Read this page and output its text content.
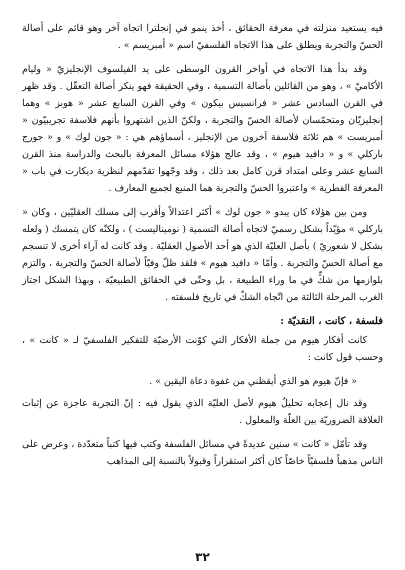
فيه يستعيد منزلته في معرفة الحقائق ، أخذ ينمو في إنجلترا اتجاه آخر وهو قائم على أصالة الحسّ والتجربة ويطلق على هذا الاتجاه الفلسفيّ اسم « أمبريسم » .

وقد بدأ هذا الاتجاه في أواخر القرون الوسطى على يد الفيلسوف الإنجليزيّ « وليام الأكاميّ » ، وهو من القائلين بأصالة التسمية ، وفي الحقيقة فهو ينكر أصالة التعقّل . وقد ظهر في القرن السادس عشر « فرانسيس بيكون » وفي القرن السابع عشر « هوبز » وهما إنجليزيّان ومتحمّسان لأصالة الحسّ والتجربة ، ولكنّ الذين اشتهروا بأنهم فلاسفة تجريبيّون « أمبريست » هم ثلاثة فلاسفة آخرون من الإنجليز ، أسماؤهم هي : « جون لوك » و « جورج باركلي » و « دافيد هيوم » ، وقد عالج هؤلاء مسائل المعرفة بالبحث والدراسة منذ القرن السابع عشر وعلى امتداد قرن كامل بعد ذلك ، وقد وجّهوا تقدّمهم لنظرية ديكارت في باب « المعرفة الفطرية » واعتبروا الحسّ والتجربة هما المنبع لجميع المعارف .

ومن بين هؤلاء كان يبدو « جون لوك » أكثر اعتدالاً وأقرب إلى مسلك العقليّين ، وكان « باركلي » مؤيّداً بشكل رسميّ لاتجاه أصالة التسمية ( نوميناليست ) ، ولكنّه كان يتمسك ( ولعله بشكل لا شعوريّ ) بأصل العليّة الذي هو أحد الأصول العقليّة . وقد كانت له آراء أخرى لا تنسجم مع أصالة الحسّ والتجربة . وأمّا « دافيد هيوم » فلقد ظلّ وفيّاً لأصالة الحسّ والتجربة ، والتزم بلوازمها من شكٍّ في ما وراء الطبيعة ، بل وحتّى في الحقائق الطبيعيّة ، وبهذا الشكل اجتاز الغرب المرحلة الثالثة من اتّجاه الشكّ في تاريخ فلسفته .

فلسفة ، كانت ، النقديّة :

كانت أفكار هيوم من جملة الأفكار التي كوّنت الأرضيّة للتفكير الفلسفيّ لـ « كانت » ، وحسب قول كانت :

« فإنّ هيوم هو الذي أيقظني من غفوة دعاة اليقين » .

وقد نال إعجابه تحليلُ هيوم لأصل العليّة الذي يقول فيه : إنّ التجربة عاجزة عن إثبات العلاقة الضروريّة بين العلّة والمعلول .

وقد تأمّل « كانت » سنين عديدةً في مسائل الفلسفة وكتب فيها كتباً متعدّدة ، وعرض على الناس مذهباً فلسفيّاً خاصّاً كان أكثر استقراراً وقبولاً بالنسبة إلى المذاهب

٣٢
